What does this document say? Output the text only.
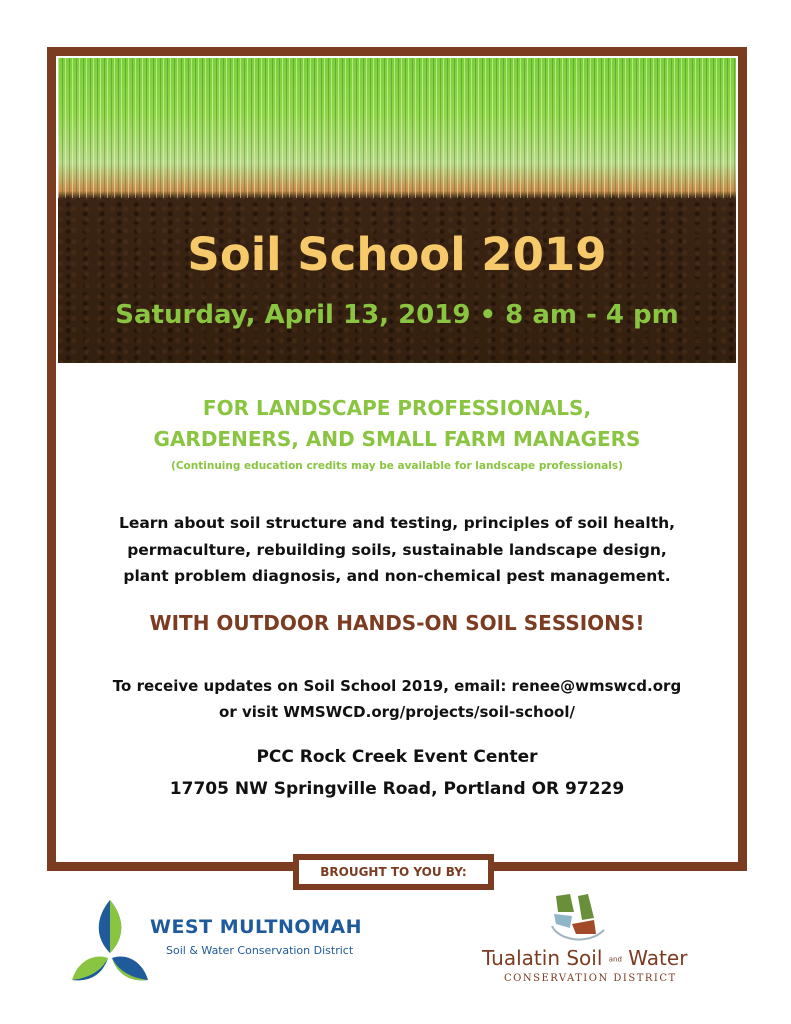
Soil School 2019
Saturday, April 13, 2019 • 8 am - 4 pm
FOR LANDSCAPE PROFESSIONALS,
GARDENERS, AND SMALL FARM MANAGERS
(Continuing education credits may be available for landscape professionals)
Learn about soil structure and testing, principles of soil health,
permaculture, rebuilding soils, sustainable landscape design,
plant problem diagnosis, and non-chemical pest management.
WITH OUTDOOR HANDS-ON SOIL SESSIONS!
To receive updates on Soil School 2019, email: renee@wmswcd.org
or visit WMSWCD.org/projects/soil-school/
PCC Rock Creek Event Center
17705 NW Springville Road, Portland OR 97229
BROUGHT TO YOU BY:
WEST MULTNOMAH
Soil & Water Conservation District	Tualatin Soil and Water
CONSERVATION DISTRICT
